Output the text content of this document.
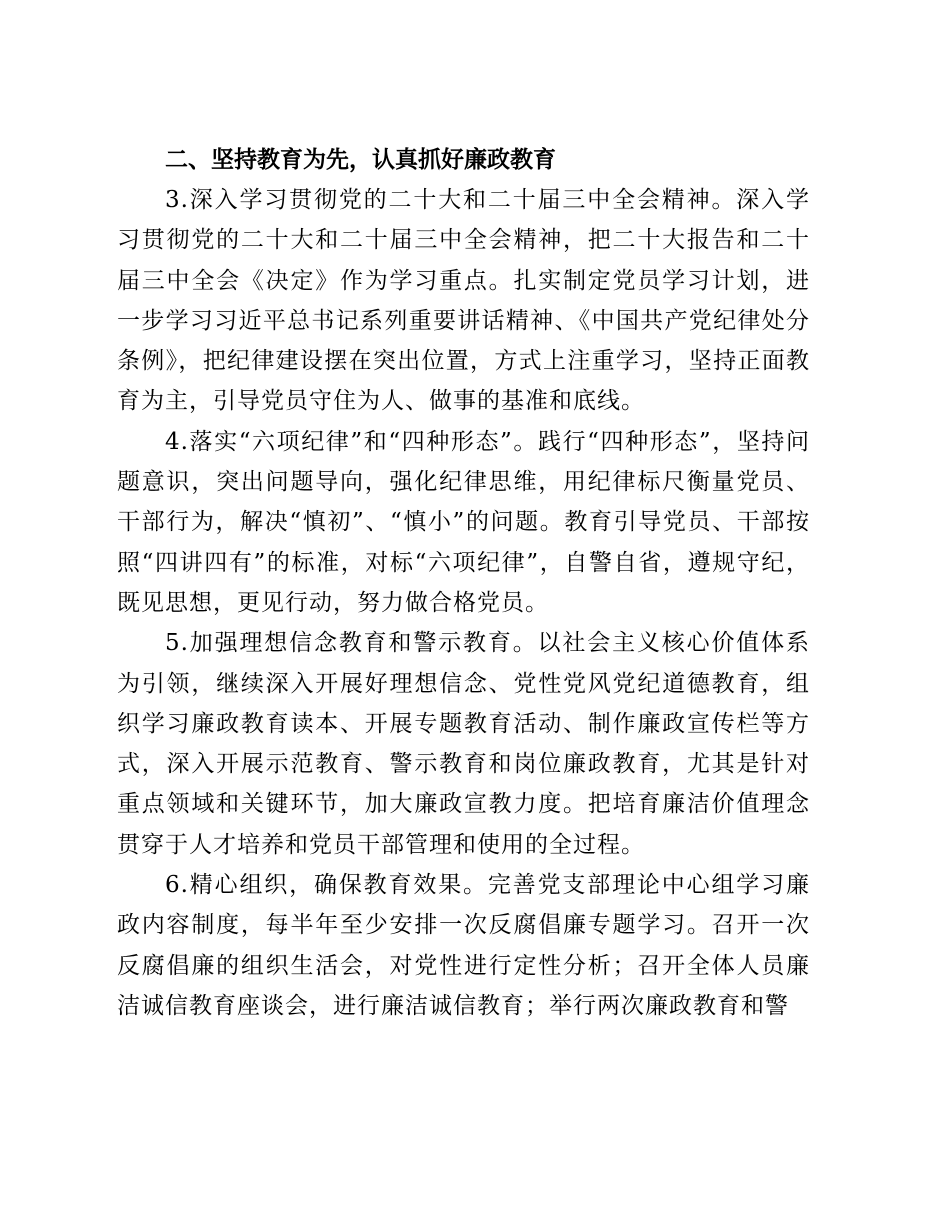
二、坚持教育为先，认真抓好廉政教育

3.深入学习贯彻党的二十大和二十届三中全会精神。深入学习贯彻党的二十大和二十届三中全会精神，把二十大报告和二十届三中全会《决定》作为学习重点。扎实制定党员学习计划，进一步学习习近平总书记系列重要讲话精神、《中国共产党纪律处分条例》，把纪律建设摆在突出位置，方式上注重学习，坚持正面教育为主，引导党员守住为人、做事的基准和底线。

4.落实“六项纪律”和“四种形态”。践行“四种形态”，坚持问题意识，突出问题导向，强化纪律思维，用纪律标尺衡量党员、干部行为，解决“慎初”、“慎小”的问题。教育引导党员、干部按照“四讲四有”的标准，对标“六项纪律”，自警自省，遵规守纪，既见思想，更见行动，努力做合格党员。

5.加强理想信念教育和警示教育。以社会主义核心价值体系为引领，继续深入开展好理想信念、党性党风党纪道德教育，组织学习廉政教育读本、开展专题教育活动、制作廉政宣传栏等方式，深入开展示范教育、警示教育和岗位廉政教育，尤其是针对重点领域和关键环节，加大廉政宣教力度。把培育廉洁价值理念贯穿于人才培养和党员干部管理和使用的全过程。

6.精心组织，确保教育效果。完善党支部理论中心组学习廉政内容制度，每半年至少安排一次反腐倡廉专题学习。召开一次反腐倡廉的组织生活会，对党性进行定性分析；召开全体人员廉洁诚信教育座谈会，进行廉洁诚信教育；举行两次廉政教育和警
